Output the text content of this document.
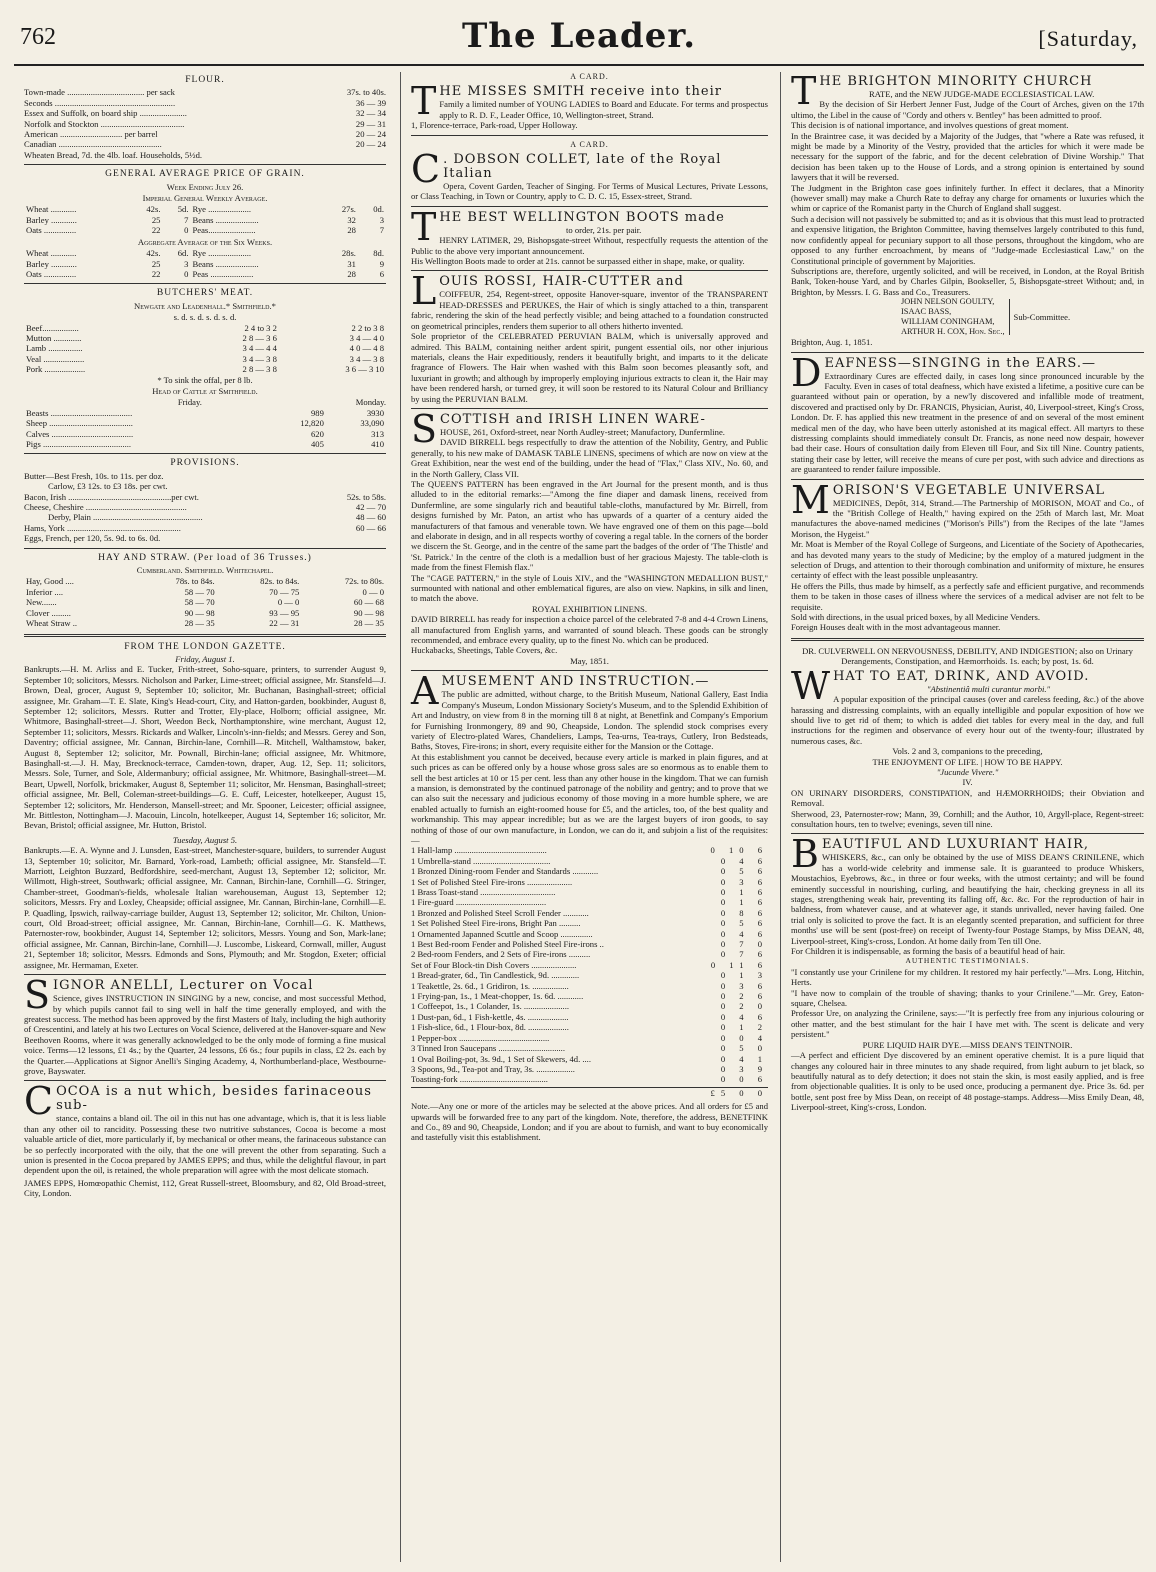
762	The Leader.	[Saturday,
FLOUR.
Town-made .................................... per sack	37s. to 40s.
Seconds ........................................................	36 — 39
Essex and Suffolk, on board ship ......................	32 — 34
Norfolk and Stockton .......................................	29 — 31
American ............................. per barrel	20 — 24
Canadian ................................................	20 — 24
Wheaten Bread, 7d. the 4lb. loaf. Households, 5½d.
GENERAL AVERAGE PRICE OF GRAIN.
Week Ending July 26.
Imperial General Weekly Average.
Wheat ............	42s.	5d.	Rye ....................	27s.	0d.
Barley ............	25	7	Beans ....................	32	3
Oats ...............	22	0	Peas......................	28	7
Aggregate Average of the Six Weeks.
Wheat ............	42s.	6d.	Rye ....................	28s.	8d.
Barley ............	25	3	Beans ....................	31	9
Oats ...............	22	0	Peas ....................	28	6
BUTCHERS' MEAT.
Newgate and Leadenhall.* Smithfield.*
s. d. s. d. s. d. s. d.
Beef.................	2 4 to 3 2	2 2 to 3 8
Mutton .............	2 8 — 3 6	3 4 — 4 0
Lamb ................	3 4 — 4 4	4 0 — 4 8
Veal ...................	3 4 — 3 8	3 4 — 3 8
Pork ...................	2 8 — 3 8	3 6 — 3 10
* To sink the offal, per 8 lb.
Head of Cattle at Smithfield.
Friday.	Monday.
Beasts ......................................	989	3930
Sheep .......................................	12,820	33,090
Calves ......................................	620	313
Pigs .........................................	405	410
PROVISIONS.
Butter—Best Fresh, 10s. to 11s. per doz.
Carlow, £3 12s. to £3 18s. per cwt.
Bacon, Irish ................................................per cwt.	52s. to 58s.
Cheese, Cheshire ...............................................	42 — 70
Derby, Plain ...................................................	48 — 60
Hams, York .....................................................	60 — 66
Eggs, French, per 120, 5s. 9d. to 6s. 0d.
HAY AND STRAW. (Per load of 36 Trusses.)
Cumberland. Smithfield. Whitechapel.
Hay, Good ....	78s. to 84s.	82s. to 84s.	72s. to 80s.
Inferior ....	58 — 70	70 — 75	0 — 0
New.......	58 — 70	0 — 0	60 — 68
Clover .........	90 — 98	93 — 95	90 — 98
Wheat Straw ..	28 — 35	22 — 31	28 — 35
FROM THE LONDON GAZETTE.
Friday, August 1.
Bankrupts.—H. M. Arliss and E. Tucker, Frith-street, Soho-square, printers, to surrender August 9, September 10; solicitors, Messrs. Nicholson and Parker, Lime-street; official assignee, Mr. Stansfeld—J. Brown, Deal, grocer, August 9, September 10; solicitor, Mr. Buchanan, Basinghall-street; official assignee, Mr. Graham—T. E. Slate, King's Head-court, City, and Hatton-garden, bookbinder, August 8, September 12; solicitors, Messrs. Rutter and Trotter, Ely-place, Holborn; official assignee, Mr. Whitmore, Basinghall-street—J. Short, Weedon Beck, Northamptonshire, wine merchant, August 12, September 11; solicitors, Messrs. Rickards and Walker, Lincoln's-inn-fields; and Messrs. Gerey and Son, Daventry; official assignee, Mr. Cannan, Birchin-lane, Cornhill—R. Mitchell, Walthamstow, baker, August 8, September 12; solicitor, Mr. Pownall, Birchin-lane; official assignee, Mr. Whitmore, Basinghall-st.—J. H. May, Brecknock-terrace, Camden-town, draper, Aug. 12, Sep. 11; solicitors, Messrs. Sole, Turner, and Sole, Aldermanbury; official assignee, Mr. Whitmore, Basinghall-street—M. Beart, Upwell, Norfolk, brickmaker, August 8, September 11; solicitor, Mr. Hensman, Basinghall-street; official assignee, Mr. Bell, Coleman-street-buildings—G. E. Cuff, Leicester, hotelkeeper, August 15, September 12; solicitors, Mr. Henderson, Mansell-street; and Mr. Spooner, Leicester; official assignee, Mr. Bittleston, Nottingham—J. Macouin, Lincoln, hotelkeeper, August 14, September 16; solicitor, Mr. Bevan, Bristol; official assignee, Mr. Hutton, Bristol.
Tuesday, August 5.
Bankrupts.—E. A. Wynne and J. Lunsden, East-street, Manchester-square, builders, to surrender August 13, September 10; solicitor, Mr. Barnard, York-road, Lambeth; official assignee, Mr. Stansfeld—T. Marriott, Leighton Buzzard, Bedfordshire, seed-merchant, August 13, September 12; solicitor, Mr. Willmott, High-street, Southwark; official assignee, Mr. Cannan, Birchin-lane, Cornhill—G. Stringer, Chamber-street, Goodman's-fields, wholesale Italian warehouseman, August 13, September 12; solicitors, Messrs. Fry and Loxley, Cheapside; official assignee, Mr. Cannan, Birchin-lane, Cornhill—E. P. Quadling, Ipswich, railway-carriage builder, August 13, September 12; solicitor, Mr. Chilton, Union-court, Old Broad-street; official assignee, Mr. Cannan, Birchin-lane, Cornhill—G. K. Matthews, Paternoster-row, bookbinder, August 14, September 12; solicitors, Messrs. Young and Son, Mark-lane; official assignee, Mr. Cannan, Birchin-lane, Cornhill—J. Luscombe, Liskeard, Cornwall, miller, August 21, September 18; solicitor, Messrs. Edmonds and Sons, Plymouth; and Mr. Stogdon, Exeter; official assignee, Mr. Hermaman, Exeter.
S IGNOR ANELLI, Lecturer on Vocal
Science, gives INSTRUCTION IN SINGING by a new, concise, and most successful Method, by which pupils cannot fail to sing well in half the time generally employed, and with the greatest success. The method has been approved by the first Masters of Italy, including the high authority of Crescentini, and lately at his two Lectures on Vocal Science, delivered at the Hanover-square and New Beethoven Rooms, where it was generally acknowledged to be the only mode of forming a fine musical voice. Terms—12 lessons, £1 4s.; by the Quarter, 24 lessons, £6 6s.; four pupils in class, £2 2s. each by the Quarter.—Applications at Signor Anelli's Singing Academy, 4, Northumberland-place, Westbourne-grove, Bayswater.
C OCOA is a nut which, besides farinaceous sub-
stance, contains a bland oil. The oil in this nut has one advantage, which is, that it is less liable than any other oil to rancidity. Possessing these two nutritive substances, Cocoa is become a most valuable article of diet, more particularly if, by mechanical or other means, the farinaceous substance can be so perfectly incorporated with the oily, that the one will prevent the other from separating. Such a union is presented in the Cocoa prepared by JAMES EPPS; and thus, while the delightful flavour, in part dependent upon the oil, is retained, the whole preparation will agree with the most delicate stomach.
JAMES EPPS, Homœopathic Chemist, 112, Great Russell-street, Bloomsbury, and 82, Old Broad-street, City, London.
A CARD.
T HE MISSES SMITH receive into their
Family a limited number of YOUNG LADIES to Board and Educate. For terms and prospectus apply to R. D. F., Leader Office, 10, Wellington-street, Strand.
1, Florence-terrace, Park-road, Upper Holloway.
A CARD.
C . DOBSON COLLET, late of the Royal Italian
Opera, Covent Garden, Teacher of Singing. For Terms of Musical Lectures, Private Lessons, or Class Teaching, in Town or Country, apply to C. D. C. 15, Essex-street, Strand.
T HE BEST WELLINGTON BOOTS made
to order, 21s. per pair.
HENRY LATIMER, 29, Bishopsgate-street Without, respectfully requests the attention of the Public to the above very important announcement.
His Wellington Boots made to order at 21s. cannot be surpassed either in shape, make, or quality.
L OUIS ROSSI, HAIR-CUTTER and
COIFFEUR, 254, Regent-street, opposite Hanover-square, inventor of the TRANSPARENT HEAD-DRESSES and PERUKES, the Hair of which is singly attached to a thin, transparent fabric, rendering the skin of the head perfectly visible; and being attached to a foundation constructed on geometrical principles, renders them superior to all others hitherto invented.
Sole proprietor of the CELEBRATED PERUVIAN BALM, which is universally approved and admired. This BALM, containing neither ardent spirit, pungent essential oils, nor other injurious materials, cleans the Hair expeditiously, renders it beautifully bright, and imparts to it the delicate fragrance of Flowers. The Hair when washed with this Balm soon becomes pleasantly soft, and luxuriant in growth; and although by improperly employing injurious extracts to clean it, the Hair may have been rendered harsh, or turned grey, it will soon be restored to its Natural Colour and Brilliancy by using the PERUVIAN BALM.
S COTTISH and IRISH LINEN WARE-
HOUSE, 261, Oxford-street, near North Audley-street; Manufactory, Dunfermline.
DAVID BIRRELL begs respectfully to draw the attention of the Nobility, Gentry, and Public generally, to his new make of DAMASK TABLE LINENS, specimens of which are now on view at the Great Exhibition, near the west end of the building, under the head of "Flax," Class XIV., No. 60, and in the North Gallery, Class VII.
The QUEEN'S PATTERN has been engraved in the Art Journal for the present month, and is thus alluded to in the editorial remarks:—"Among the fine diaper and damask linens, received from Dunfermline, are some singularly rich and beautiful table-cloths, manufactured by Mr. Birrell, from designs furnished by Mr. Paton, an artist who has upwards of a quarter of a century aided the manufacturers of that famous and venerable town. We have engraved one of them on this page—bold and elaborate in design, and in all respects worthy of covering a regal table. In the corners of the border we discern the St. George, and in the centre of the same part the badges of the order of 'The Thistle' and 'St. Patrick.' In the centre of the cloth is a medallion bust of her gracious Majesty. The table-cloth is made from the finest Flemish flax."
The "CAGE PATTERN," in the style of Louis XIV., and the "WASHINGTON MEDALLION BUST," surmounted with national and other emblematical figures, are also on view. Napkins, in silk and linen, to match the above.
ROYAL EXHIBITION LINENS.
DAVID BIRRELL has ready for inspection a choice parcel of the celebrated 7-8 and 4-4 Crown Linens, all manufactured from English yarns, and warranted of sound bleach. These goods can be strongly recommended, and embrace every quality, up to the finest No. which can be produced.
Huckabacks, Sheetings, Table Covers, &c.
May, 1851.
A MUSEMENT AND INSTRUCTION.—
The public are admitted, without charge, to the British Museum, National Gallery, East India Company's Museum, London Missionary Society's Museum, and to the Splendid Exhibition of Art and Industry, on view from 8 in the morning till 8 at night, at Benetfink and Company's Emporium for Furnishing Ironmongery, 89 and 90, Cheapside, London. The splendid stock comprises every variety of Electro-plated Wares, Chandeliers, Lamps, Tea-urns, Tea-trays, Cutlery, Iron Bedsteads, Baths, Stoves, Fire-irons; in short, every requisite either for the Mansion or the Cottage.
At this establishment you cannot be deceived, because every article is marked in plain figures, and at such prices as can be offered only by a house whose gross sales are so enormous as to enable them to sell the best articles at 10 or 15 per cent. less than any other house in the kingdom. That we can furnish a mansion, is demonstrated by the continued patronage of the nobility and gentry; and to prove that we can also suit the necessary and judicious economy of those moving in a more humble sphere, we are enabled actually to furnish an eight-roomed house for £5, and the articles, too, of the best quality and workmanship. This may appear incredible; but as we are the largest buyers of iron goods, to say nothing of those of our own manufacture, in London, we can do it, and subjoin a list of the requisites:—
1 Hall-lamp ...........................................	0 10 6
1 Umbrella-stand ....................................	0 4 6
1 Bronzed Dining-room Fender and Standards ............	0 5 6
1 Set of Polished Steel Fire-irons .....................	0 3 6
1 Brass Toast-stand ...................................	0 1 6
1 Fire-guard ..........................................	0 1 6
1 Bronzed and Polished Steel Scroll Fender ............	0 8 6
1 Set Polished Steel Fire-irons, Bright Pan ..........	0 5 6
1 Ornamented Japanned Scuttle and Scoop ...............	0 4 6
1 Best Bed-room Fender and Polished Steel Fire-irons ..	0 7 0
2 Bed-room Fenders, and 2 Sets of Fire-irons ..........	0 7 6
Set of Four Block-tin Dish Covers .....................	0 11 6
1 Bread-grater, 6d., Tin Candlestick, 9d. .............	0 1 3
1 Teakettle, 2s. 6d., 1 Gridiron, 1s. .................	0 3 6
1 Frying-pan, 1s., 1 Meat-chopper, 1s. 6d. ............	0 2 6
1 Coffeepot, 1s., 1 Colander, 1s. .....................	0 2 0
1 Dust-pan, 6d., 1 Fish-kettle, 4s. ...................	0 4 6
1 Fish-slice, 6d., 1 Flour-box, 8d. ...................	0 1 2
1 Pepper-box ..........................................	0 0 4
3 Tinned Iron Saucepans ...............................	0 5 0
1 Oval Boiling-pot, 3s. 9d., 1 Set of Skewers, 4d. ....	0 4 1
3 Spoons, 9d., Tea-pot and Tray, 3s. ..................	0 3 9
Toasting-fork .........................................	0 0 6
£5 0 0
Note.—Any one or more of the articles may be selected at the above prices. And all orders for £5 and upwards will be forwarded free to any part of the kingdom. Note, therefore, the address, BENETFINK and Co., 89 and 90, Cheapside, London; and if you are about to furnish, and want to buy economically and tastefully visit this establishment.
T HE BRIGHTON MINORITY CHURCH
RATE, and the NEW JUDGE-MADE ECCLESIASTICAL LAW.
By the decision of Sir Herbert Jenner Fust, Judge of the Court of Arches, given on the 17th ultimo, the Libel in the cause of "Cordy and others v. Bentley" has been admitted to proof.
This decision is of national importance, and involves questions of great moment.
In the Braintree case, it was decided by a Majority of the Judges, that "where a Rate was refused, it might be made by a Minority of the Vestry, provided that the articles for which it were made be necessary for the support of the fabric, and for the decent celebration of Divine Worship." That decision has been taken up to the House of Lords, and a strong opinion is entertained by sound lawyers that it will be reversed.
The Judgment in the Brighton case goes infinitely further. In effect it declares, that a Minority (however small) may make a Church Rate to defray any charge for ornaments or luxuries which the whim or caprice of the Romanist party in the Church of England shall suggest.
Such a decision will not passively be submitted to; and as it is obvious that this must lead to protracted and expensive litigation, the Brighton Committee, having themselves largely contributed to this fund, now confidently appeal for pecuniary support to all those persons, throughout the kingdom, who are opposed to any further encroachment, by means of "Judge-made Ecclesiastical Law," on the Constitutional principle of government by Majorities.
Subscriptions are, therefore, urgently solicited, and will be received, in London, at the Royal British Bank, Token-house Yard, and by Charles Gilpin, Bookseller, 5, Bishopsgate-street Without; and, in Brighton, by Messrs. I. G. Bass and Co., Treasurers.
JOHN NELSON GOULTY,
ISAAC BASS,
WILLIAM CONINGHAM,
ARTHUR H. COX, Hon. Sec.,
Sub-Committee.
Brighton, Aug. 1, 1851.
D EAFNESS—SINGING in the EARS.—
Extraordinary Cures are effected daily, in cases long since pronounced incurable by the Faculty. Even in cases of total deafness, which have existed a lifetime, a positive cure can be guaranteed without pain or operation, by a new'ly discovered and infallible mode of treatment, discovered and practised only by Dr. FRANCIS, Physician, Aurist, 40, Liverpool-street, King's Cross, London. Dr. F. has applied this new treatment in the presence of and on several of the most eminent medical men of the day, who have been utterly astonished at its magical effect. All martyrs to these distressing complaints should immediately consult Dr. Francis, as none need now despair, however bad their case. Hours of consultation daily from Eleven till Four, and Six till Nine. Country patients, stating their case by letter, will receive the means of cure per post, with such advice and directions as are guaranteed to render failure impossible.
M ORISON'S VEGETABLE UNIVERSAL
MEDICINES, Depôt, 314, Strand.—The Partnership of MORISON, MOAT and Co., of the "British College of Health," having expired on the 25th of March last, Mr. Moat manufactures the above-named medicines ("Morison's Pills") from the Recipes of the late "James Morison, the Hygeist."
Mr. Moat is Member of the Royal College of Surgeons, and Licentiate of the Society of Apothecaries, and has devoted many years to the study of Medicine; by the employ of a matured judgment in the selection of Drugs, and attention to their thorough combination and uniformity of mixture, he ensures certainty of effect with the least possible unpleasantry.
He offers the Pills, thus made by himself, as a perfectly safe and efficient purgative, and recommends them to be taken in those cases of illness where the services of a medical adviser are not felt to be requisite.
Sold with directions, in the usual priced boxes, by all Medicine Venders.
Foreign Houses dealt with in the most advantageous manner.
DR. CULVERWELL ON NERVOUSNESS, DEBILITY, AND INDIGESTION; also on Urinary Derangements, Constipation, and Hæmorrhoids. 1s. each; by post, 1s. 6d.
W HAT TO EAT, DRINK, AND AVOID.
"Abstinentiâ multi curantur morbi."
A popular exposition of the principal causes (over and careless feeding, &c.) of the above harassing and distressing complaints, with an equally intelligible and popular exposition of how we should live to get rid of them; to which is added diet tables for every meal in the day, and full instructions for the regimen and observance of every hour out of the twenty-four; illustrated by numerous cases, &c.
Vols. 2 and 3, companions to the preceding,
THE ENJOYMENT OF LIFE. | HOW TO BE HAPPY.
"Jucunde Vivere."
IV.
ON URINARY DISORDERS, CONSTIPATION, and HÆMORRHOIDS; their Obviation and Removal.
Sherwood, 23, Paternoster-row; Mann, 39, Cornhill; and the Author, 10, Argyll-place, Regent-street: consultation hours, ten to twelve; evenings, seven till nine.
B EAUTIFUL AND LUXURIANT HAIR,
WHISKERS, &c., can only be obtained by the use of MISS DEAN'S CRINILENE, which has a world-wide celebrity and immense sale. It is guaranteed to produce Whiskers, Moustachios, Eyebrows, &c., in three or four weeks, with the utmost certainty; and will be found eminently successful in nourishing, curling, and beautifying the hair, checking greyness in all its stages, strengthening weak hair, preventing its falling off, &c. &c. For the reproduction of hair in baldness, from whatever cause, and at whatever age, it stands unrivalled, never having failed. One trial only is solicited to prove the fact. It is an elegantly scented preparation, and sufficient for three months' use will be sent (post-free) on receipt of Twenty-four Postage Stamps, by Miss DEAN, 48, Liverpool-street, King's-cross, London. At home daily from Ten till One.
For Children it is indispensable, as forming the basis of a beautiful head of hair.
AUTHENTIC TESTIMONIALS.
"I constantly use your Crinilene for my children. It restored my hair perfectly."—Mrs. Long, Hitchin, Herts.
"I have now to complain of the trouble of shaving; thanks to your Crinilene."—Mr. Grey, Eaton-square, Chelsea.
Professor Ure, on analyzing the Crinilene, says:—"It is perfectly free from any injurious colouring or other matter, and the best stimulant for the hair I have met with. The scent is delicate and very persistent."
PURE LIQUID HAIR DYE.—MISS DEAN'S TEINTNOIR.
—A perfect and efficient Dye discovered by an eminent operative chemist. It is a pure liquid that changes any coloured hair in three minutes to any shade required, from light auburn to jet black, so beautifully natural as to defy detection; it does not stain the skin, is most easily applied, and is free from objectionable qualities. It is only to be used once, producing a permanent dye. Price 3s. 6d. per bottle, sent post free by Miss Dean, on receipt of 48 postage-stamps. Address—Miss Emily Dean, 48, Liverpool-street, King's-cross, London.
